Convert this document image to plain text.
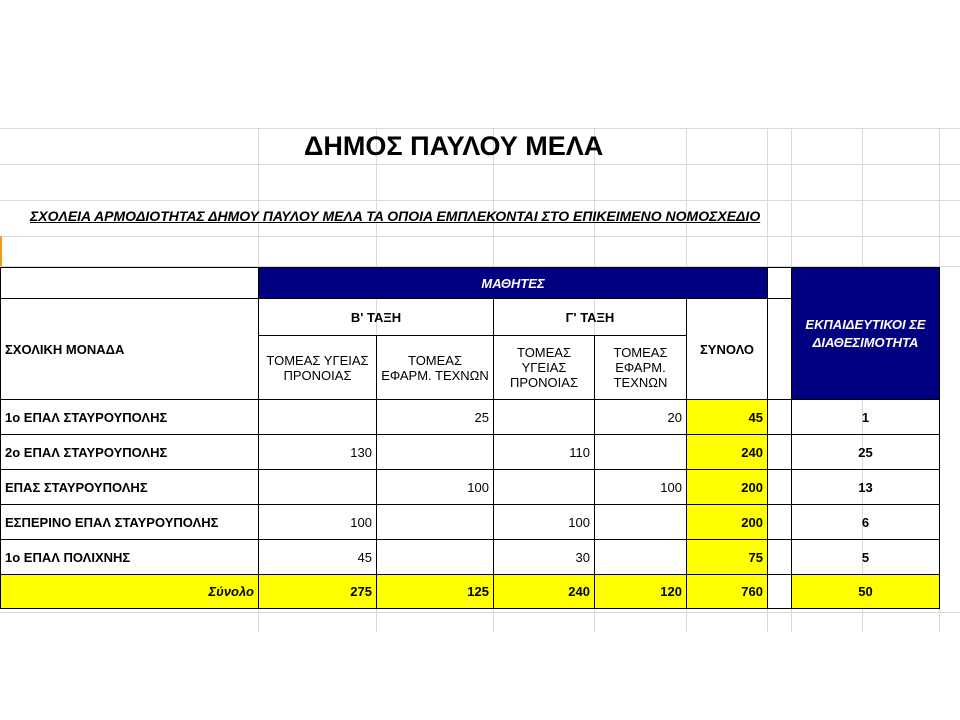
ΔΗΜΟΣ ΠΑΥΛΟΥ ΜΕΛΑ
ΣΧΟΛΕΙΑ ΑΡΜΟΔΙΟΤΗΤΑΣ ΔΗΜΟΥ ΠΑΥΛΟΥ ΜΕΛΑ ΤΑ ΟΠΟΙΑ ΕΜΠΛΕΚΟΝΤΑΙ ΣΤΟ ΕΠΙΚΕΙΜΕΝΟ ΝΟΜΟΣΧΕΔΙΟ
	ΜΑΘΗΤΕΣ						ΕΚΠΑΙΔΕΥΤΙΚΟΙ ΣΕ ΔΙΑΘΕΣΙΜΟΤΗΤΑ
ΣΧΟΛΙΚΗ ΜΟΝΑΔΑ	Β' ΤΑΞΗ		Γ' ΤΑΞΗ		ΣΥΝΟΛΟ		
	ΤΟΜΕΑΣ ΥΓΕΙΑΣ ΠΡΟΝΟΙΑΣ	ΤΟΜΕΑΣ ΕΦΑΡΜ. ΤΕΧΝΩΝ	ΤΟΜΕΑΣ ΥΓΕΙΑΣ ΠΡΟΝΟΙΑΣ	ΤΟΜΕΑΣ ΕΦΑΡΜ. ΤΕΧΝΩΝ			
1ο ΕΠΑΛ ΣΤΑΥΡΟΥΠΟΛΗΣ		25		20	45		1
2ο ΕΠΑΛ ΣΤΑΥΡΟΥΠΟΛΗΣ	130		110		240		25
ΕΠΑΣ ΣΤΑΥΡΟΥΠΟΛΗΣ		100		100	200		13
ΕΣΠΕΡΙΝΟ ΕΠΑΛ ΣΤΑΥΡΟΥΠΟΛΗΣ	100		100		200		6
1ο ΕΠΑΛ ΠΟΛΙΧΝΗΣ	45		30		75		5
Σύνολο	275	125	240	120	760		50
